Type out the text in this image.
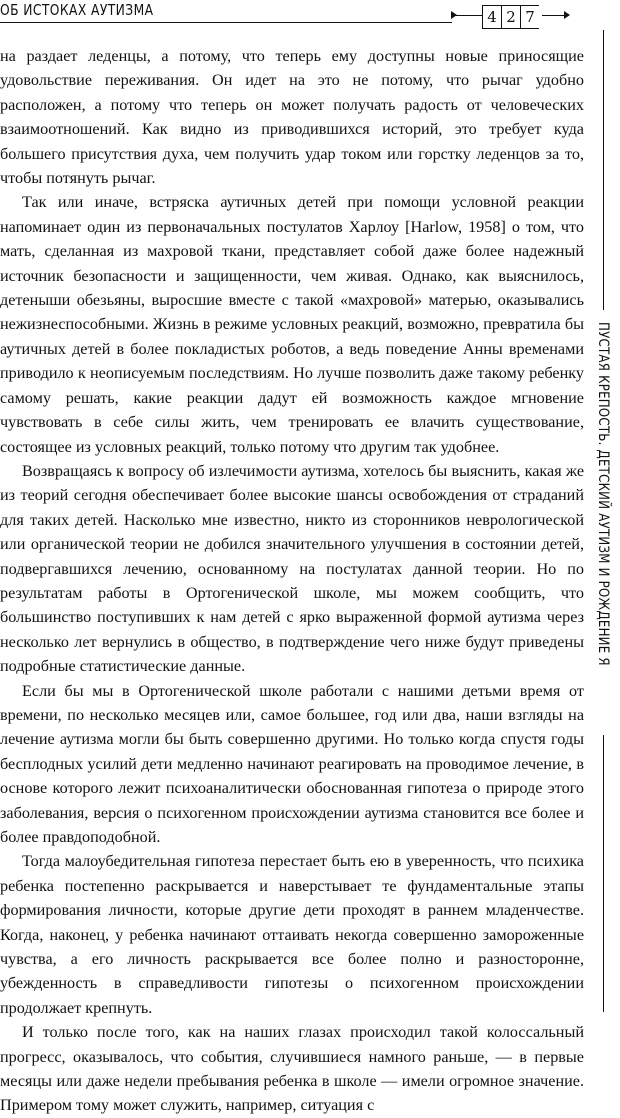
ОБ ИСТОКАХ АУТИЗМА	4 2 7
ПУСТАЯ КРЕПОСТЬ. ДЕТСКИЙ АУТИЗМ И РОЖДЕНИЕ Я

на раздает леденцы, а потому, что теперь ему доступны новые приносящие удовольствие переживания. Он идет на это не потому, что рычаг удобно расположен, а потому что теперь он может получать радость от человеческих взаимоотношений. Как видно из приводившихся историй, это требует куда большего присутствия духа, чем получить удар током или горстку леденцов за то, чтобы потянуть рычаг.

Так или иначе, встряска аутичных детей при помощи условной реакции напоминает один из первоначальных постулатов Харлоу [Harlow, 1958] о том, что мать, сделанная из махровой ткани, представляет собой даже более надежный источник безопасности и защищенности, чем живая. Однако, как выяснилось, детеныши обезьяны, выросшие вместе с такой «махровой» матерью, оказывались нежизнеспособными. Жизнь в режиме условных реакций, возможно, превратила бы аутичных детей в более покладистых роботов, а ведь поведение Анны временами приводило к неописуемым последствиям. Но лучше позволить даже такому ребенку самому решать, какие реакции дадут ей возможность каждое мгновение чувствовать в себе силы жить, чем тренировать ее влачить существование, состоящее из условных реакций, только потому что другим так удобнее.

Возвращаясь к вопросу об излечимости аутизма, хотелось бы выяснить, какая же из теорий сегодня обеспечивает более высокие шансы освобождения от страданий для таких детей. Насколько мне известно, никто из сторонников неврологической или органической теории не добился значительного улучшения в состоянии детей, подвергавшихся лечению, основанному на постулатах данной теории. Но по результатам работы в Ортогенической школе, мы можем сообщить, что большинство поступивших к нам детей с ярко выраженной формой аутизма через несколько лет вернулись в общество, в подтверждение чего ниже будут приведены подробные статистические данные.

Если бы мы в Ортогенической школе работали с нашими детьми время от времени, по несколько месяцев или, самое большее, год или два, наши взгляды на лечение аутизма могли бы быть совершенно другими. Но только когда спустя годы бесплодных усилий дети медленно начинают реагировать на проводимое лечение, в основе которого лежит психоаналитически обоснованная гипотеза о природе этого заболевания, версия о психогенном происхождении аутизма становится все более и более правдоподобной.

Тогда малоубедительная гипотеза перестает быть ею в уверенность, что психика ребенка постепенно раскрывается и наверстывает те фундаментальные этапы формирования личности, которые другие дети проходят в раннем младенчестве. Когда, наконец, у ребенка начинают оттаивать некогда совершенно замороженные чувства, а его личность раскрывается все более полно и разносторонне, убежденность в справедливости гипотезы о психогенном происхождении продолжает крепнуть.

И только после того, как на наших глазах происходил такой колоссальный прогресс, оказывалось, что события, случившиеся намного раньше, — в первые месяцы или даже недели пребывания ребенка в школе — имели огромное значение. Примером тому может служить, например, ситуация с
